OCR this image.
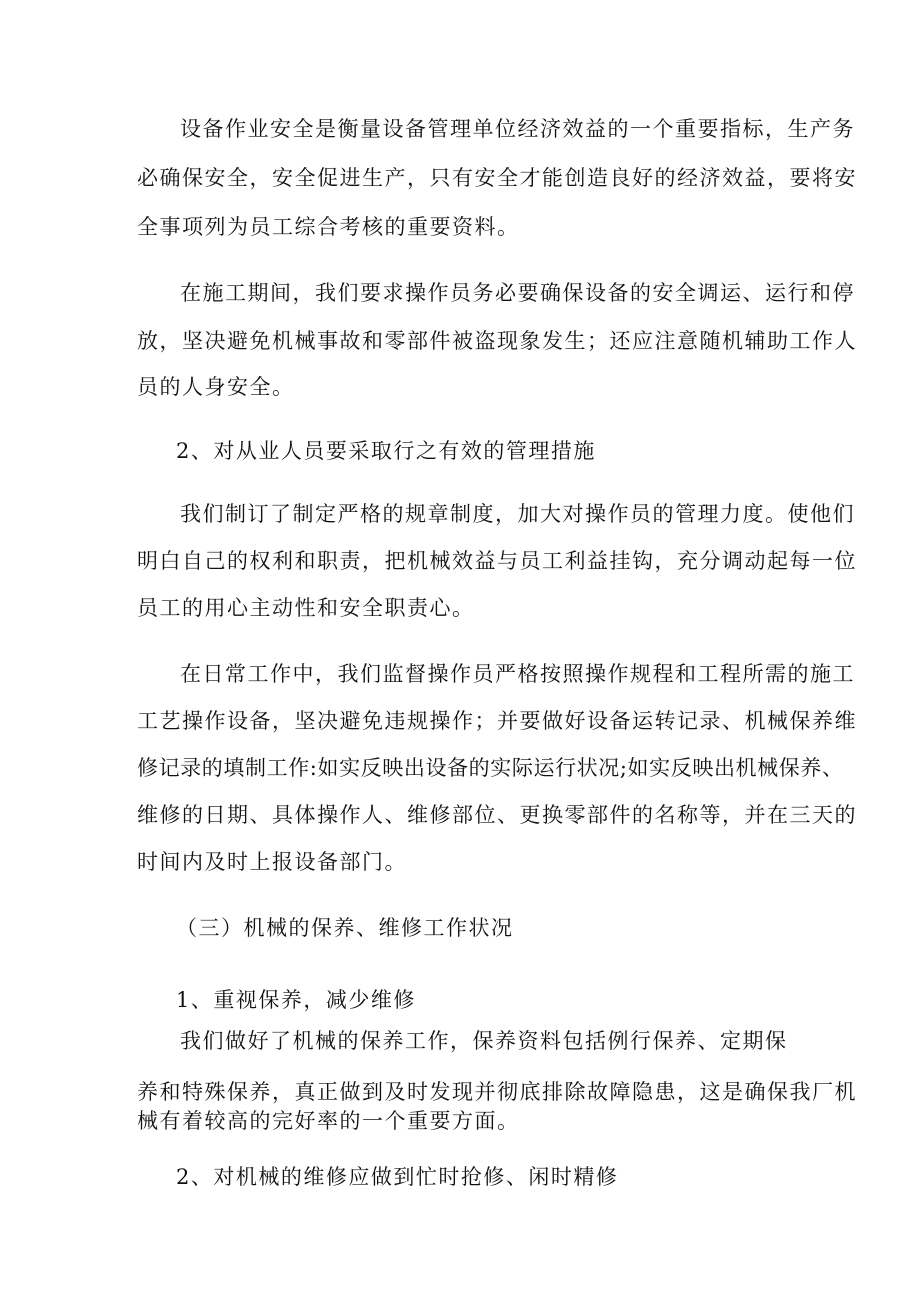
设备作业安全是衡量设备管理单位经济效益的一个重要指标，生产务
必确保安全，安全促进生产，只有安全才能创造良好的经济效益，要将安
全事项列为员工综合考核的重要资料。
在施工期间，我们要求操作员务必要确保设备的安全调运、运行和停
放，坚决避免机械事故和零部件被盗现象发生；还应注意随机辅助工作人
员的人身安全。
2、对从业人员要采取行之有效的管理措施
我们制订了制定严格的规章制度，加大对操作员的管理力度。使他们
明白自己的权利和职责，把机械效益与员工利益挂钩，充分调动起每一位
员工的用心主动性和安全职责心。
在日常工作中，我们监督操作员严格按照操作规程和工程所需的施工
工艺操作设备，坚决避免违规操作；并要做好设备运转记录、机械保养维
修记录的填制工作:如实反映出设备的实际运行状况;如实反映出机械保养、
维修的日期、具体操作人、维修部位、更换零部件的名称等，并在三天的
时间内及时上报设备部门。
（三）机械的保养、维修工作状况
1、重视保养，减少维修
我们做好了机械的保养工作，保养资料包括例行保养、定期保
养和特殊保养，真正做到及时发现并彻底排除故障隐患，这是确保我厂机
械有着较高的完好率的一个重要方面。
2、对机械的维修应做到忙时抢修、闲时精修
